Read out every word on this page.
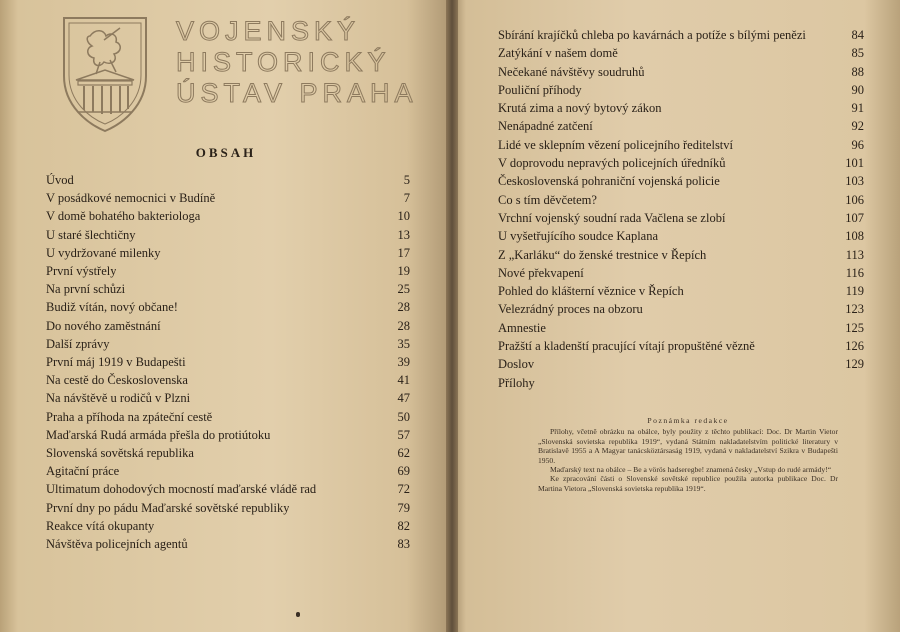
VOJENSKÝ
HISTORICKÝ
ÚSTAV PRAHA
OBSAH
Úvod	5
V posádkové nemocnici v Budíně	7
V domě bohatého bakteriologa	10
U staré šlechtičny	13
U vydržované milenky	17
První výstřely	19
Na první schůzi	25
Budiž vítán, nový občane!	28
Do nového zaměstnání	28
Další zprávy	35
První máj 1919 v Budapešti	39
Na cestě do Československa	41
Na návštěvě u rodičů v Plzni	47
Praha a příhoda na zpáteční cestě	50
Maďarská Rudá armáda přešla do protiútoku	57
Slovenská sovětská republika	62
Agitační práce	69
Ultimatum dohodových mocností maďarské vládě rad	72
První dny po pádu Maďarské sovětské republiky	79
Reakce vítá okupanty	82
Návštěva policejních agentů	83
Sbírání krajíčků chleba po kavárnách a potíže s bílými penězi	84
Zatýkání v našem domě	85
Nečekané návštěvy soudruhů	88
Pouliční příhody	90
Krutá zima a nový bytový zákon	91
Nenápadné zatčení	92
Lidé ve sklepním vězení policejního ředitelství	96
V doprovodu nepravých policejních úředníků	101
Československá pohraniční vojenská policie	103
Co s tím děvčetem?	106
Vrchní vojenský soudní rada Vačlena se zlobí	107
U vyšetřujícího soudce Kaplana	108
Z „Karláku“ do ženské trestnice v Řepích	113
Nové překvapení	116
Pohled do klášterní věznice v Řepích	119
Velezrádný proces na obzoru	123
Amnestie	125
Pražští a kladenští pracující vítají propuštěné vězně	126
Doslov	129
Přílohy
Poznámka redakce
Přílohy, včetně obrázku na obálce, byly použity z těchto publikací: Doc. Dr Martin Vietor „Slovenská sovietska republika 1919“, vydaná Státním nakladatelstvím politické literatury v Bratislavě 1955 a A Magyar tanácsköztársaság 1919, vydaná v nakladatelství Szikra v Budapešti 1950.
Maďarský text na obálce – Be a vörös hadseregbe! znamená česky „Vstup do rudé armády!“
Ke zpracování části o Slovenské sovětské republice použila autorka publikace Doc. Dr Martina Vietora „Slovenská sovietska republika 1919“.
